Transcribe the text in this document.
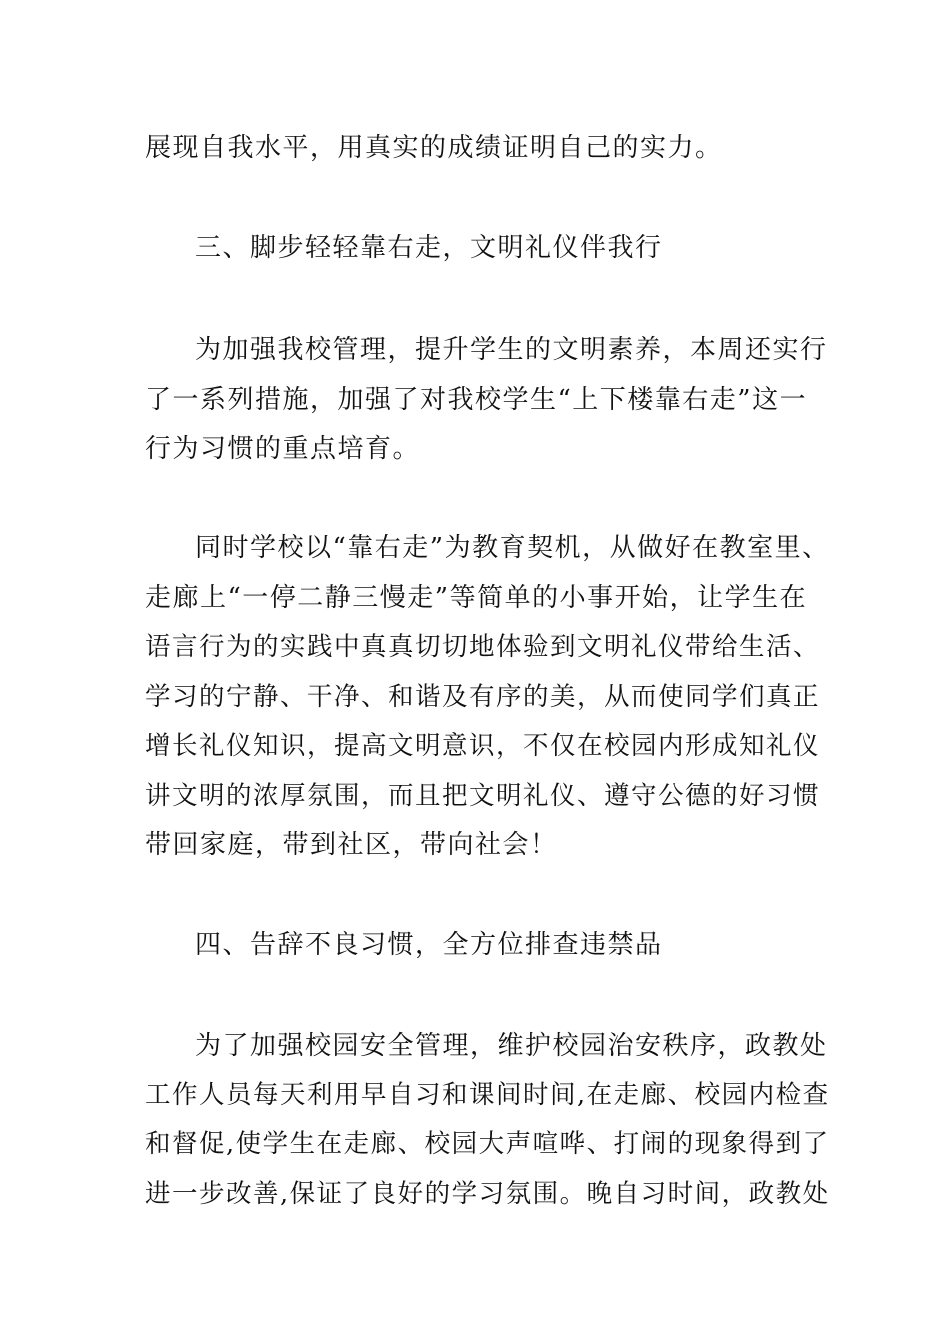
展现自我水平，用真实的成绩证明自己的实力。
三、脚步轻轻靠右走，文明礼仪伴我行
为加强我校管理，提升学生的文明素养，本周还实行
了一系列措施，加强了对我校学生“上下楼靠右走”这一
行为习惯的重点培育。
同时学校以“靠右走”为教育契机，从做好在教室里、
走廊上“一停二静三慢走”等简单的小事开始，让学生在
语言行为的实践中真真切切地体验到文明礼仪带给生活、
学习的宁静、干净、和谐及有序的美，从而使同学们真正
增长礼仪知识，提高文明意识，不仅在校园内形成知礼仪
讲文明的浓厚氛围，而且把文明礼仪、遵守公德的好习惯
带回家庭，带到社区，带向社会！
四、告辞不良习惯，全方位排查违禁品
为了加强校园安全管理，维护校园治安秩序，政教处
工作人员每天利用早自习和课间时间,在走廊、校园内检查
和督促,使学生在走廊、校园大声喧哗、打闹的现象得到了
进一步改善,保证了良好的学习氛围。晚自习时间，政教处
